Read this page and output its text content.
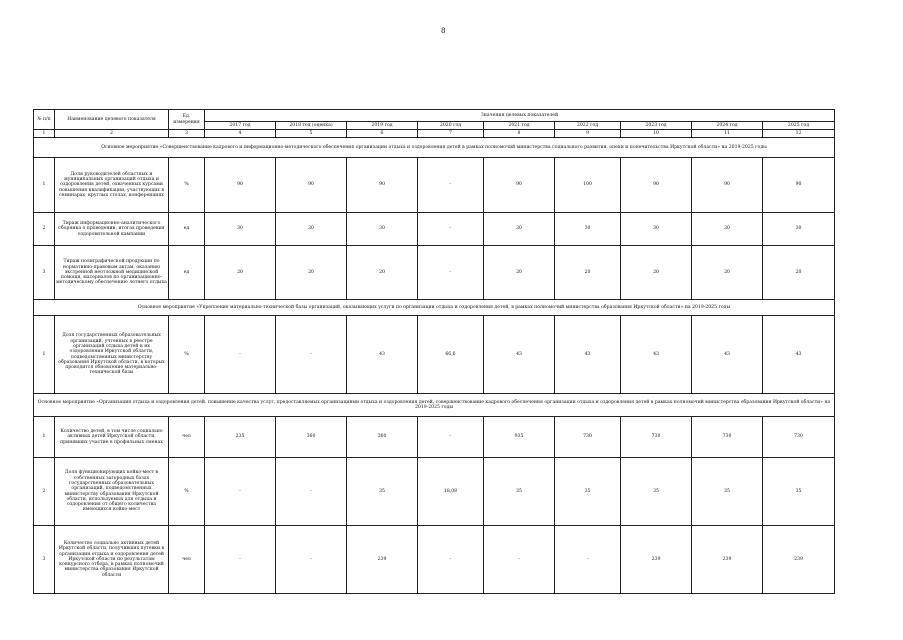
8
№ п/п	Наименование целевого показателя	Ед. измерения	Значения целевых показателей								
			2017 год	2018 год (оценка)	2019 год	2020 год	2021 год	2022 год	2023 год	2024 год	2025 год
1	2	3	4	5	6	7	8	9	10	11	12
Основное мероприятие «Совершенствование кадрового и информационно-методического обеспечения организации отдыха и оздоровления детей в рамках полномочий министерства социального развития, опеки и попечительства Иркутской области» на 2019-2025 годы											
1	Доля руководителей областных и муниципальных организаций отдыха и оздоровления детей, охваченных курсами повышения квалификации, участвующих в семинарах, круглых столах, конференциях	%	90	90	90	-	90	100	90	90	90
2	Тираж информационно-аналитического сборника о проведении, итогах проведения оздоровительной кампании	ед	30	30	30	-	30	30	30	30	30
3	Тираж полиграфической продукции по нормативно-правовым актам, оказанию экстренной неотложной медицинской помощи, материалов по организационно-методическому обеспечению летнего отдыха	ед	20	20	20	-	20	20	20	20	20
Основное мероприятие «Укрепление материально-технической базы организаций, оказывающих услуги по организации отдыха и оздоровления детей, в рамках полномочий министерства образования Иркутской области» на 2019-2025 годы											
1	Доля государственных образовательных организаций, учтенных в реестре организаций отдыха детей и их оздоровления Иркутской области, подведомственных министерству образования Иркутской области, в которых проводится обновление материально-технической базы	%	-	-	43	66,6	43	43	43	43	43
Основное мероприятие «Организация отдыха и оздоровления детей, повышение качества услуг, предоставляемых организациями отдыха и оздоровления детей, совершенствование кадрового обеспечения организации отдыха и оздоровления детей в рамках полномочий министерства образования Иркутской области» на 2019-2025 годы											
1	Количество детей, в том числе социально активных детей Иркутской области, принявших участие в профильных сменах	чел	235	360	360	-	935	730	730	730	730
2	Доля функционирующих койко-мест в собственных загородных базах государственных образовательных организаций, подведомственных министерству образования Иркутской области, используемых для отдыха и оздоровления от общего количества имеющихся койко-мест	%	-	-	35	18,08	35	35	35	35	35
3	Количество социально активных детей Иркутской области, получивших путевки в организации отдыха и оздоровления детей Иркутской области по результатам конкурсного отбора, в рамках полномочий министерства образования Иркутской области	чел	-	-	239	-	-	-	239	239	239
